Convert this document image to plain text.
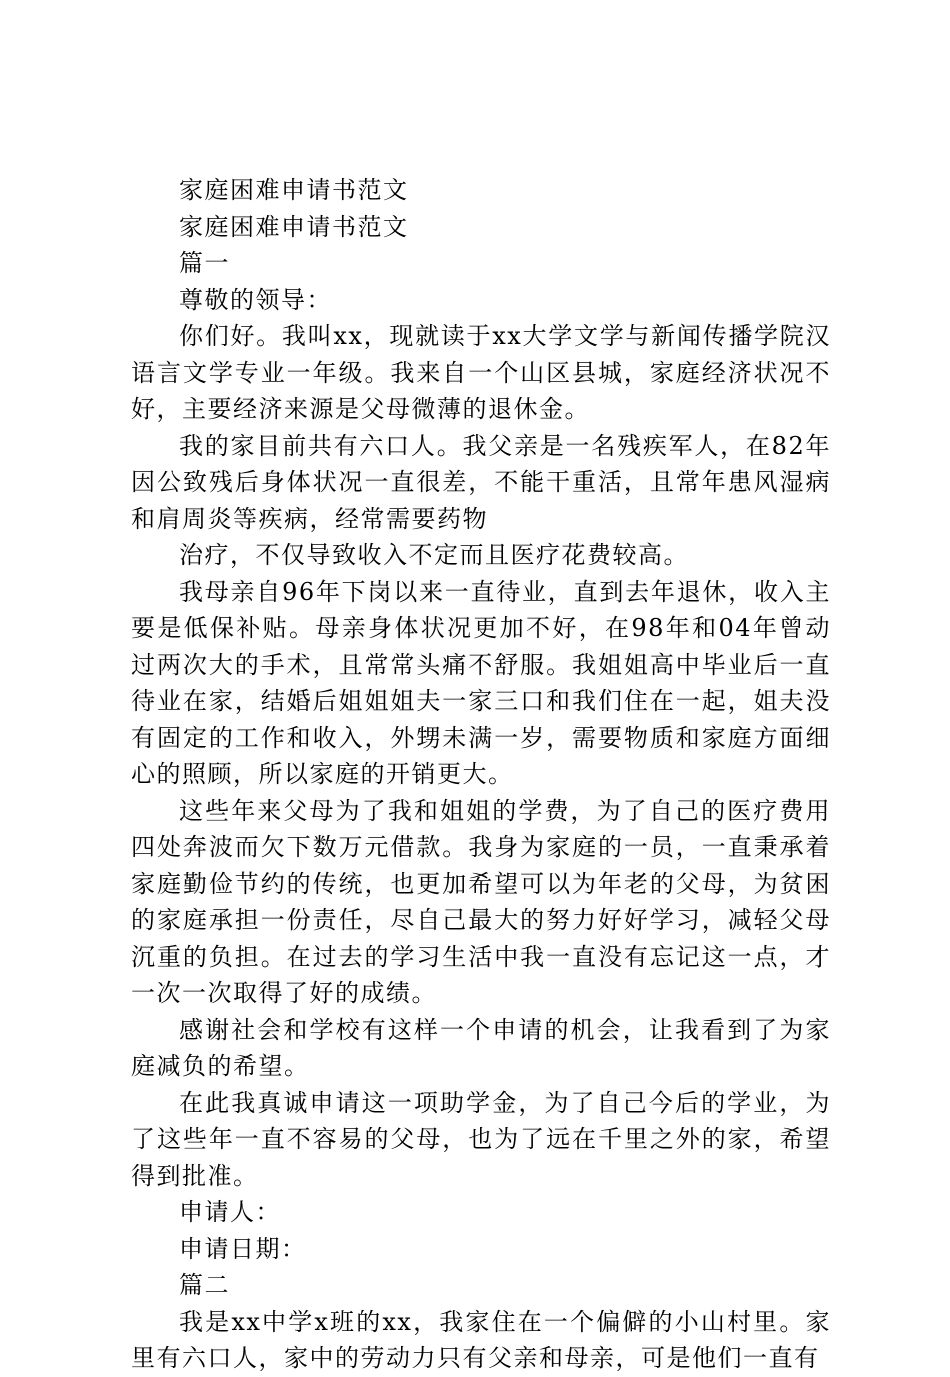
家庭困难申请书范文

家庭困难申请书范文

篇一

尊敬的领导：

你们好。我叫xx，现就读于xx大学文学与新闻传播学院汉语言文学专业一年级。我来自一个山区县城，家庭经济状况不好，主要经济来源是父母微薄的退休金。

我的家目前共有六口人。我父亲是一名残疾军人，在82年因公致残后身体状况一直很差，不能干重活，且常年患风湿病和肩周炎等疾病，经常需要药物

治疗，不仅导致收入不定而且医疗花费较高。

我母亲自96年下岗以来一直待业，直到去年退休，收入主要是低保补贴。母亲身体状况更加不好，在98年和04年曾动过两次大的手术，且常常头痛不舒服。我姐姐高中毕业后一直待业在家，结婚后姐姐姐夫一家三口和我们住在一起，姐夫没有固定的工作和收入，外甥未满一岁，需要物质和家庭方面细心的照顾，所以家庭的开销更大。

这些年来父母为了我和姐姐的学费，为了自己的医疗费用四处奔波而欠下数万元借款。我身为家庭的一员，一直秉承着家庭勤俭节约的传统，也更加希望可以为年老的父母，为贫困的家庭承担一份责任，尽自己最大的努力好好学习，减轻父母沉重的负担。在过去的学习生活中我一直没有忘记这一点，才一次一次取得了好的成绩。

感谢社会和学校有这样一个申请的机会，让我看到了为家庭减负的希望。

在此我真诚申请这一项助学金，为了自己今后的学业，为了这些年一直不容易的父母，也为了远在千里之外的家，希望得到批准。

申请人：

申请日期：

篇二

我是xx中学x班的xx，我家住在一个偏僻的小山村里。家里有六口人，家中的劳动力只有父亲和母亲，可是他们一直有
